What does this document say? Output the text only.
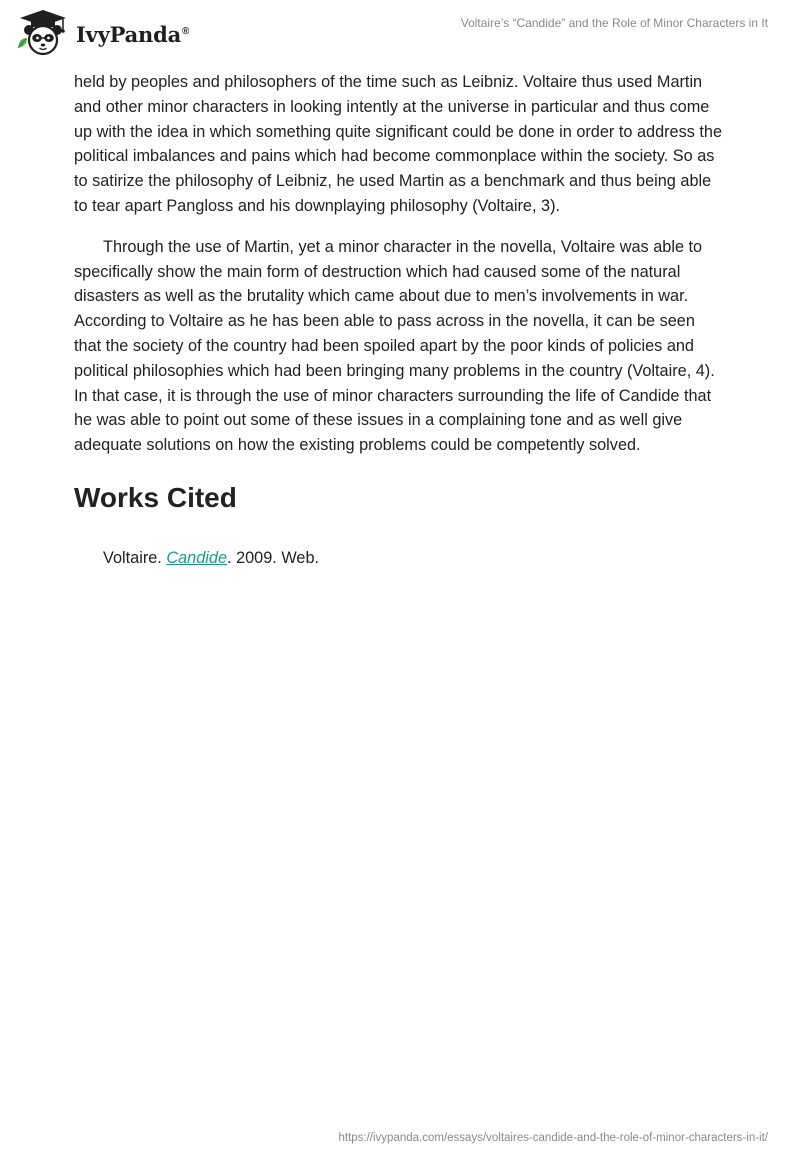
IvyPanda®
Voltaire’s “Candide” and the Role of Minor Characters in It

held by peoples and philosophers of the time such as Leibniz. Voltaire thus used Martin and other minor characters in looking intently at the universe in particular and thus come up with the idea in which something quite significant could be done in order to address the political imbalances and pains which had become commonplace within the society. So as to satirize the philosophy of Leibniz, he used Martin as a benchmark and thus being able to tear apart Pangloss and his downplaying philosophy (Voltaire, 3).

Through the use of Martin, yet a minor character in the novella, Voltaire was able to specifically show the main form of destruction which had caused some of the natural disasters as well as the brutality which came about due to men’s involvements in war. According to Voltaire as he has been able to pass across in the novella, it can be seen that the society of the country had been spoiled apart by the poor kinds of policies and political philosophies which had been bringing many problems in the country (Voltaire, 4). In that case, it is through the use of minor characters surrounding the life of Candide that he was able to point out some of these issues in a complaining tone and as well give adequate solutions on how the existing problems could be competently solved.

Works Cited

Voltaire. Candide. 2009. Web.

https://ivypanda.com/essays/voltaires-candide-and-the-role-of-minor-characters-in-it/
